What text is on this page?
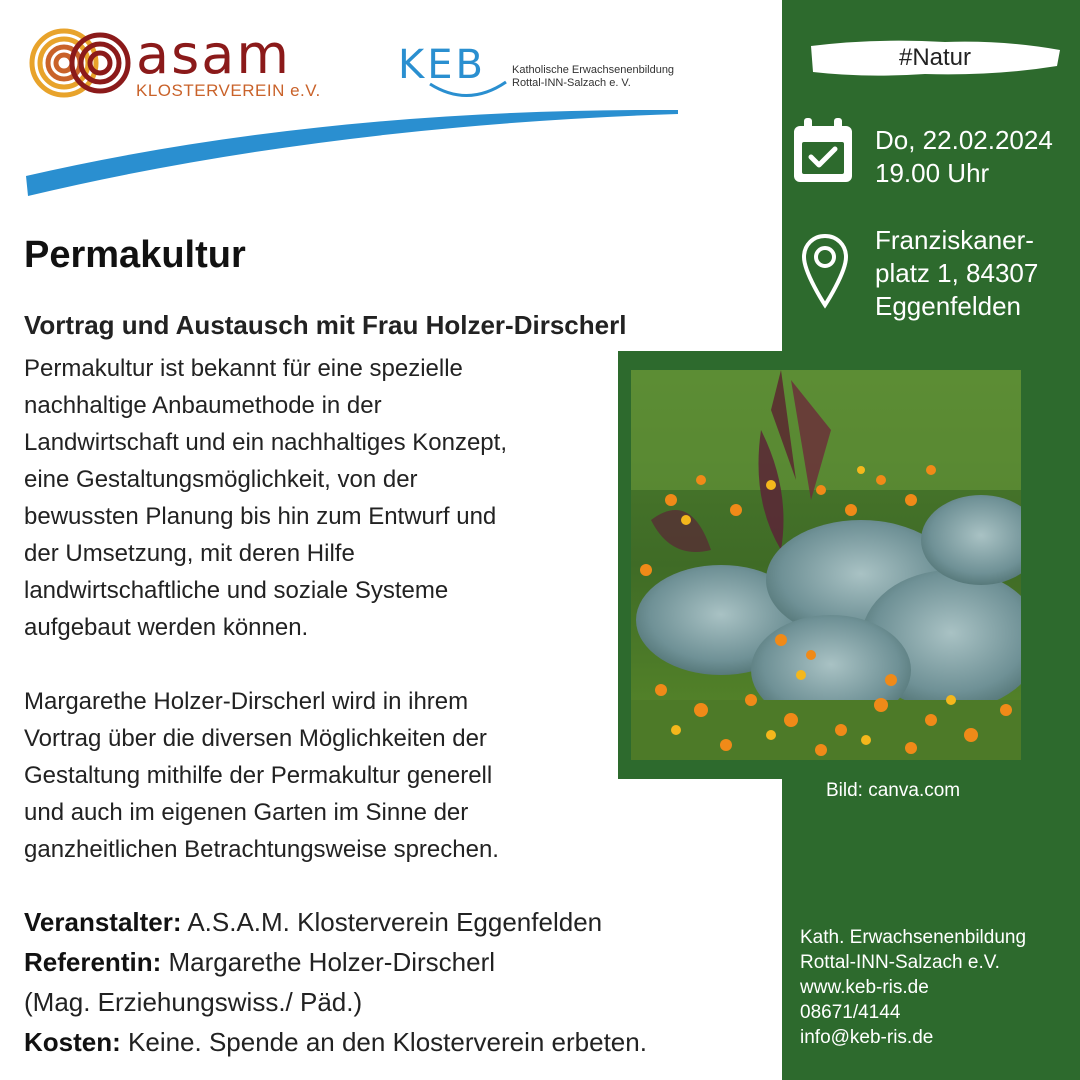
asam
KLOSTERVEREIN e.V.
KEB Katholische Erwachsenenbildung
Rottal-INN-Salzach e. V.
Permakultur
Vortrag und Austausch mit Frau Holzer-Dirscherl
Permakultur ist bekannt für eine spezielle
nachhaltige Anbaumethode in der
Landwirtschaft und ein nachhaltiges Konzept,
eine Gestaltungsmöglichkeit, von der
bewussten Planung bis hin zum Entwurf und
der Umsetzung, mit deren Hilfe
landwirtschaftliche und soziale Systeme
aufgebaut werden können.
Margarethe Holzer-Dirscherl wird in ihrem
Vortrag über die diversen Möglichkeiten der
Gestaltung mithilfe der Permakultur generell
und auch im eigenen Garten im Sinne der
ganzheitlichen Betrachtungsweise sprechen.
Veranstalter: A.S.A.M. Klosterverein Eggenfelden
Referentin: Margarethe Holzer-Dirscherl
(Mag. Erziehungswiss./ Päd.)
Kosten: Keine. Spende an den Klosterverein erbeten.
#Natur
Do, 22.02.2024
19.00 Uhr
Franziskaner-
platz 1, 84307
Eggenfelden
Bild: canva.com
Kath. Erwachsenenbildung
Rottal-INN-Salzach e.V.
www.keb-ris.de
08671/4144
info@keb-ris.de
